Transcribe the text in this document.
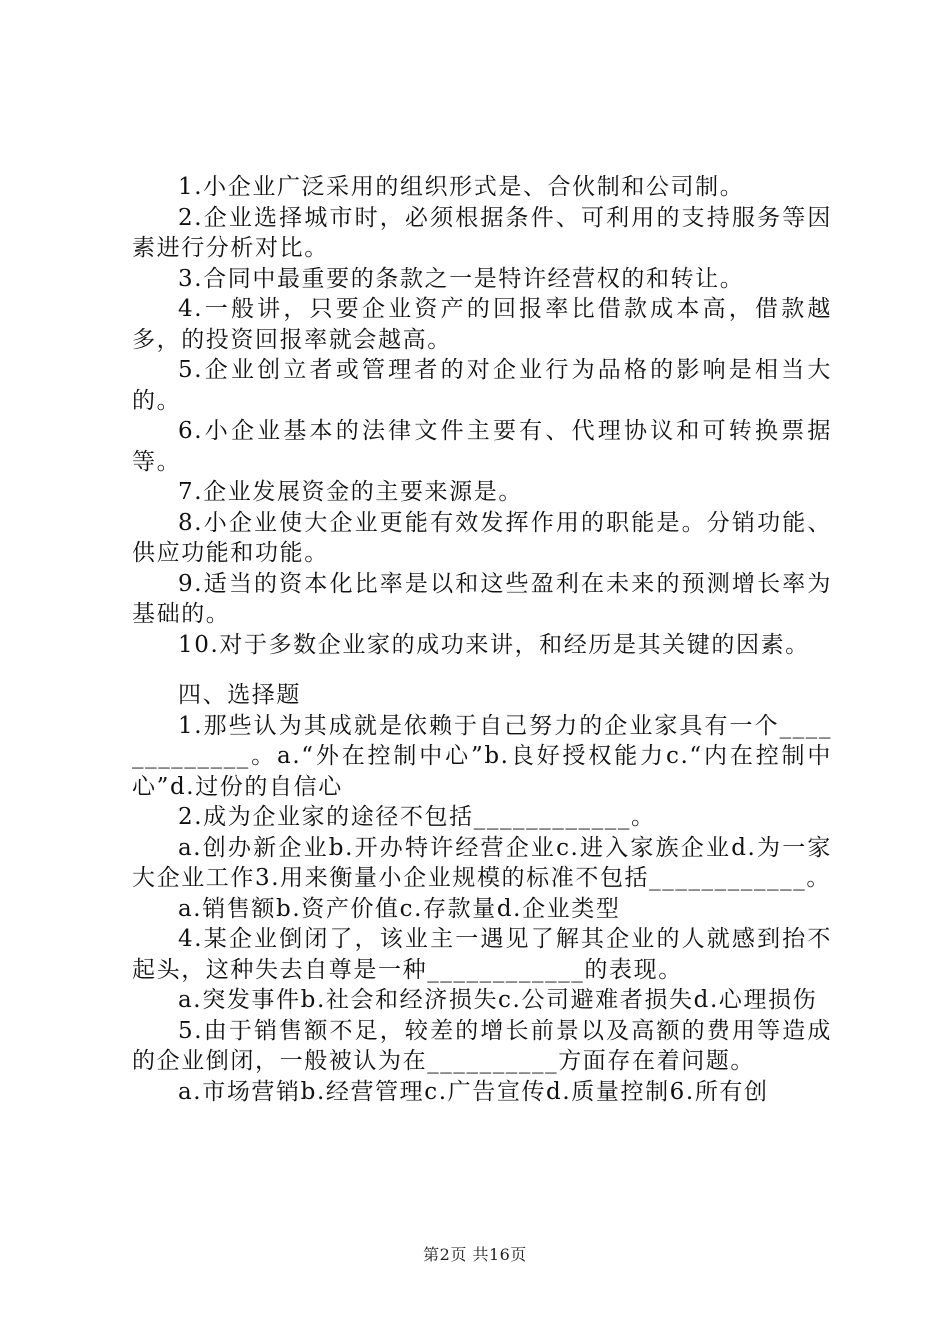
1.小企业广泛采用的组织形式是、合伙制和公司制。

2.企业选择城市时，必须根据条件、可利用的支持服务等因素进行分析对比。

3.合同中最重要的条款之一是特许经营权的和转让。

4.一般讲，只要企业资产的回报率比借款成本高，借款越多，的投资回报率就会越高。

5.企业创立者或管理者的对企业行为品格的影响是相当大的。

6.小企业基本的法律文件主要有、代理协议和可转换票据等。

7.企业发展资金的主要来源是。

8.小企业使大企业更能有效发挥作用的职能是。分销功能、供应功能和功能。

9.适当的资本化比率是以和这些盈利在未来的预测增长率为基础的。

10.对于多数企业家的成功来讲，和经历是其关键的因素。

四、选择题

1.那些认为其成就是依赖于自己努力的企业家具有一个_____________。a.“外在控制中心”b.良好授权能力c.“内在控制中心”d.过份的自信心

2.成为企业家的途径不包括____________。

a.创办新企业b.开办特许经营企业c.进入家族企业d.为一家大企业工作3.用来衡量小企业规模的标准不包括____________。

a.销售额b.资产价值c.存款量d.企业类型

4.某企业倒闭了，该业主一遇见了解其企业的人就感到抬不起头，这种失去自尊是一种____________的表现。

a.突发事件b.社会和经济损失c.公司避难者损失d.心理损伤

5.由于销售额不足，较差的增长前景以及高额的费用等造成的企业倒闭，一般被认为在__________方面存在着问题。

a.市场营销b.经营管理c.广告宣传d.质量控制6.所有创

第2页 共16页
